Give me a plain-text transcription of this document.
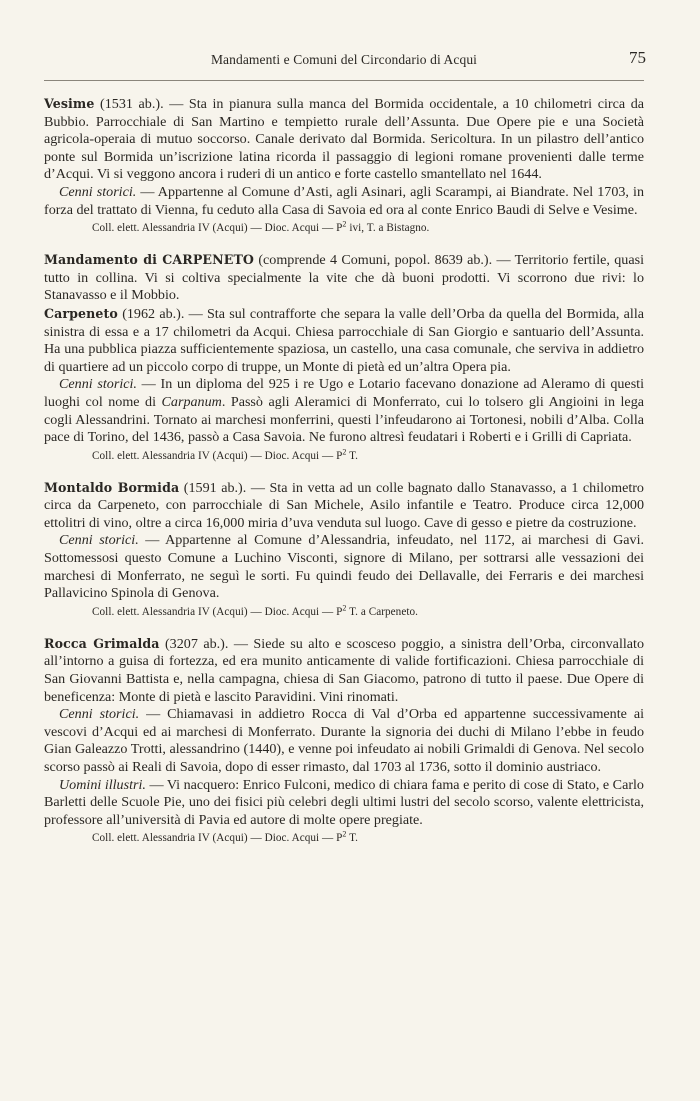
Mandamenti e Comuni del Circondario di Acqui	75

Vesime (1531 ab.). — Sta in pianura sulla manca del Bormida occidentale, a 10 chilometri circa da Bubbio. Parrocchiale di San Martino e tempietto rurale dell’Assunta. Due Opere pie e una Società agricola-operaia di mutuo soccorso. Canale derivato dal Bormida. Sericoltura. In un pilastro dell’antico ponte sul Bormida un’iscrizione latina ricorda il passaggio di legioni romane provenienti dalle terme d’Acqui. Vi si veggono ancora i ruderi di un antico e forte castello smantellato nel 1644.

Cenni storici. — Appartenne al Comune d’Asti, agli Asinari, agli Scarampi, ai Biandrate. Nel 1703, in forza del trattato di Vienna, fu ceduto alla Casa di Savoia ed ora al conte Enrico Baudi di Selve e Vesime.

Coll. elett. Alessandria IV (Acqui) — Dioc. Acqui — $P^2$ ivi, T. a Bistagno.

Mandamento di CARPENETO (comprende 4 Comuni, popol. 8639 ab.). — Territorio fertile, quasi tutto in collina. Vi si coltiva specialmente la vite che dà buoni prodotti. Vi scorrono due rivi: lo Stanavasso e il Mobbio.

Carpeneto (1962 ab.). — Sta sul contrafforte che separa la valle dell’Orba da quella del Bormida, alla sinistra di essa e a 17 chilometri da Acqui. Chiesa parrocchiale di San Giorgio e santuario dell’Assunta. Ha una pubblica piazza sufficientemente spaziosa, un castello, una casa comunale, che serviva in addietro di quartiere ad un piccolo corpo di truppe, un Monte di pietà ed un’altra Opera pia.

Cenni storici. — In un diploma del 925 i re Ugo e Lotario facevano donazione ad Aleramo di questi luoghi col nome di Carpanum. Passò agli Aleramici di Monferrato, cui lo tolsero gli Angioini in lega cogli Alessandrini. Tornato ai marchesi monferrini, questi l’infeudarono ai Tortonesi, nobili d’Alba. Colla pace di Torino, del 1436, passò a Casa Savoia. Ne furono altresì feudatari i Roberti e i Grilli di Capriata.

Coll. elett. Alessandria IV (Acqui) — Dioc. Acqui — $P^2$ T.

Montaldo Bormida (1591 ab.). — Sta in vetta ad un colle bagnato dallo Stanavasso, a 1 chilometro circa da Carpeneto, con parrocchiale di San Michele, Asilo infantile e Teatro. Produce circa 12,000 ettolitri di vino, oltre a circa 16,000 miria d’uva venduta sul luogo. Cave di gesso e pietre da costruzione.

Cenni storici. — Appartenne al Comune d’Alessandria, infeudato, nel 1172, ai marchesi di Gavi. Sottomessosi questo Comune a Luchino Visconti, signore di Milano, per sottrarsi alle vessazioni dei marchesi di Monferrato, ne seguì le sorti. Fu quindi feudo dei Dellavalle, dei Ferraris e dei marchesi Pallavicino Spinola di Genova.

Coll. elett. Alessandria IV (Acqui) — Dioc. Acqui — $P^2$ T. a Carpeneto.

Rocca Grimalda (3207 ab.). — Siede su alto e scosceso poggio, a sinistra dell’Orba, circonvallato all’intorno a guisa di fortezza, ed era munito anticamente di valide fortificazioni. Chiesa parrocchiale di San Giovanni Battista e, nella campagna, chiesa di San Giacomo, patrono di tutto il paese. Due Opere di beneficenza: Monte di pietà e lascito Paravidini. Vini rinomati.

Cenni storici. — Chiamavasi in addietro Rocca di Val d’Orba ed appartenne successivamente ai vescovi d’Acqui ed ai marchesi di Monferrato. Durante la signoria dei duchi di Milano l’ebbe in feudo Gian Galeazzo Trotti, alessandrino (1440), e venne poi infeudato ai nobili Grimaldi di Genova. Nel secolo scorso passò ai Reali di Savoia, dopo di esser rimasto, dal 1703 al 1736, sotto il dominio austriaco.

Uomini illustri. — Vi nacquero: Enrico Fulconi, medico di chiara fama e perito di cose di Stato, e Carlo Barletti delle Scuole Pie, uno dei fisici più celebri degli ultimi lustri del secolo scorso, valente elettricista, professore all’università di Pavia ed autore di molte opere pregiate.

Coll. elett. Alessandria IV (Acqui) — Dioc. Acqui — $P^2$ T.
